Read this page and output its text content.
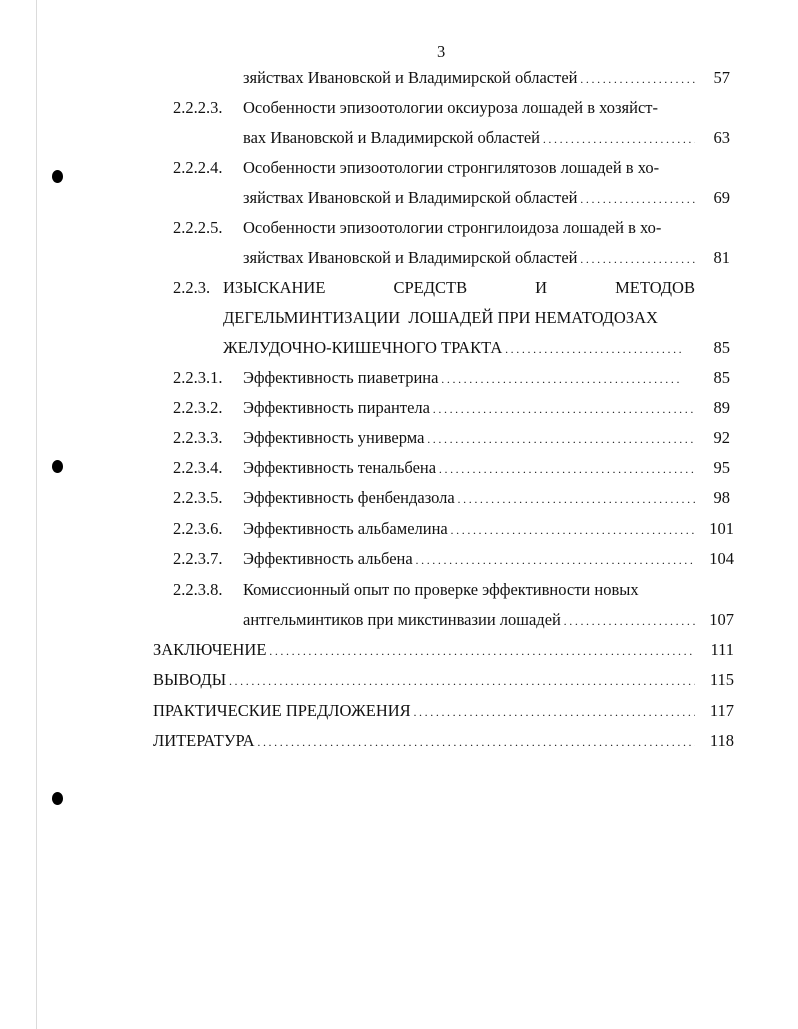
3
зяйствах Ивановской и Владимирской областей . . .	57
2.2.2.3. Особенности эпизоотологии оксиуроза лошадей в хозяйст-
вах Ивановской и Владимирской областей . . .	63
2.2.2.4. Особенности эпизоотологии стронгилятозов лошадей в хо-
зяйствах Ивановской и Владимирской областей . . .	69
2.2.2.5. Особенности эпизоотологии стронгилоидоза лошадей в хо-
зяйствах Ивановской и Владимирской областей . . .	81
2.2.3. ИЗЫСКАНИЕ	СРЕДСТВ	И	МЕТОДОВ
ДЕГЕЛЬМИНТИЗАЦИИ  ЛОШАДЕЙ ПРИ НЕМАТОДОЗАХ
ЖЕЛУДОЧНО-КИШЕЧНОГО ТРАКТА . . .	85
2.2.3.1. Эффективность пиаветрина . . .	85
2.2.3.2. Эффективность пирантела . . .	89
2.2.3.3. Эффективность универма . . .	92
2.2.3.4. Эффективность тенальбена . . .	95
2.2.3.5. Эффективность фенбендазола . . .	98
2.2.3.6. Эффективность альбамелина . . .	101
2.2.3.7. Эффективность альбена . . .	104
2.2.3.8. Комиссионный опыт по проверке эффективности новых
антгельминтиков при микстинвазии лошадей . . .	107
ЗАКЛЮЧЕНИЕ . . .	111
ВЫВОДЫ . . .	115
ПРАКТИЧЕСКИЕ ПРЕДЛОЖЕНИЯ . . .	117
ЛИТЕРАТУРА . . .	118
